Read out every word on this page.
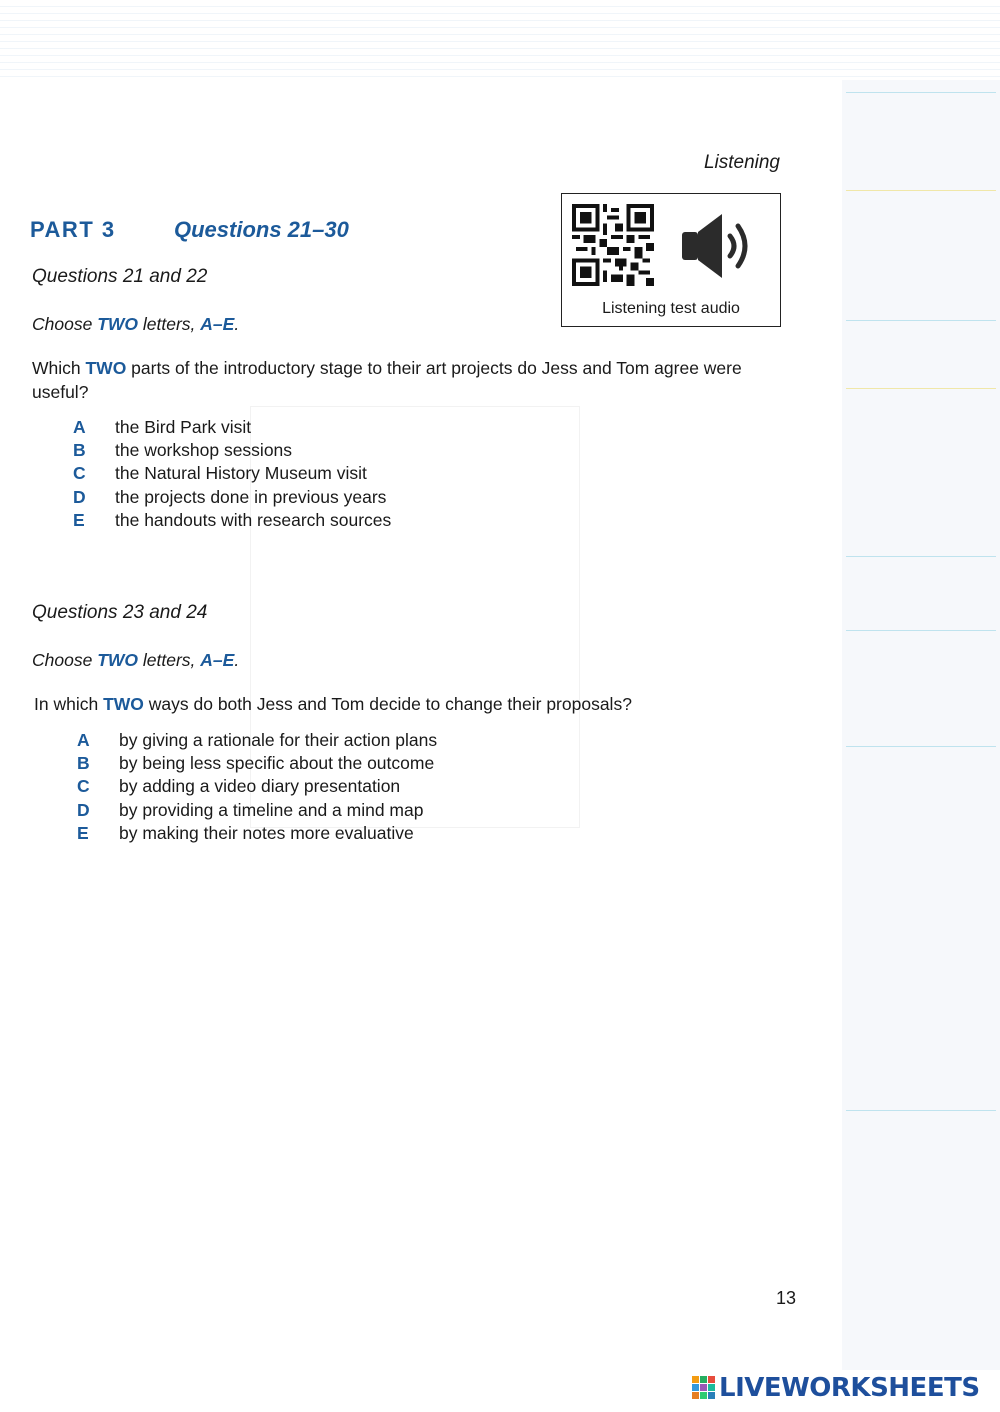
Listening
Listening test audio
PART 3	Questions 21–30
Questions 21 and 22
Choose TWO letters, A–E.
Which TWO parts of the introductory stage to their art projects do Jess and Tom agree were useful?
A	the Bird Park visit
B	the workshop sessions
C	the Natural History Museum visit
D	the projects done in previous years
E	the handouts with research sources
Questions 23 and 24
Choose TWO letters, A–E.
In which TWO ways do both Jess and Tom decide to change their proposals?
A	by giving a rationale for their action plans
B	by being less specific about the outcome
C	by adding a video diary presentation
D	by providing a timeline and a mind map
E	by making their notes more evaluative
13
LIVEWORKSHEETS
